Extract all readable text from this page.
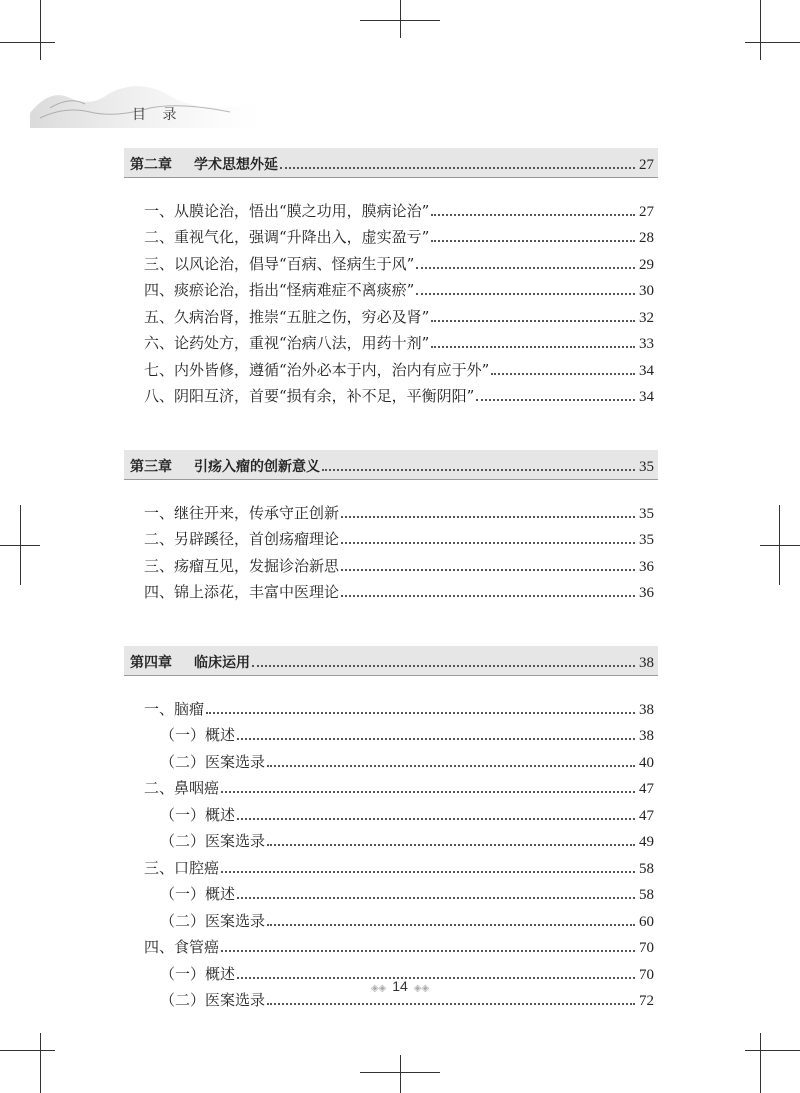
目 录
第二章 学术思想外延	27
一、从膜论治，悟出“膜之功用，膜病论治”	27
二、重视气化，强调“升降出入，虚实盈亏”	28
三、以风论治，倡导“百病、怪病生于风”	29
四、痰瘀论治，指出“怪病难症不离痰瘀”	30
五、久病治肾，推崇“五脏之伤，穷必及肾”	32
六、论药处方，重视“治病八法，用药十剂”	33
七、内外皆修，遵循“治外必本于内，治内有应于外”	34
八、阴阳互济，首要“损有余，补不足，平衡阴阳”	34
第三章 引疡入瘤的创新意义	35
一、继往开来，传承守正创新	35
二、另辟蹊径，首创疡瘤理论	35
三、疡瘤互见，发掘诊治新思	36
四、锦上添花，丰富中医理论	36
第四章 临床运用	38
一、脑瘤	38
（一）概述	38
（二）医案选录	40
二、鼻咽癌	47
（一）概述	47
（二）医案选录	49
三、口腔癌	58
（一）概述	58
（二）医案选录	60
四、食管癌	70
（一）概述	70
（二）医案选录	72
◈◈ 14 ◈◈
